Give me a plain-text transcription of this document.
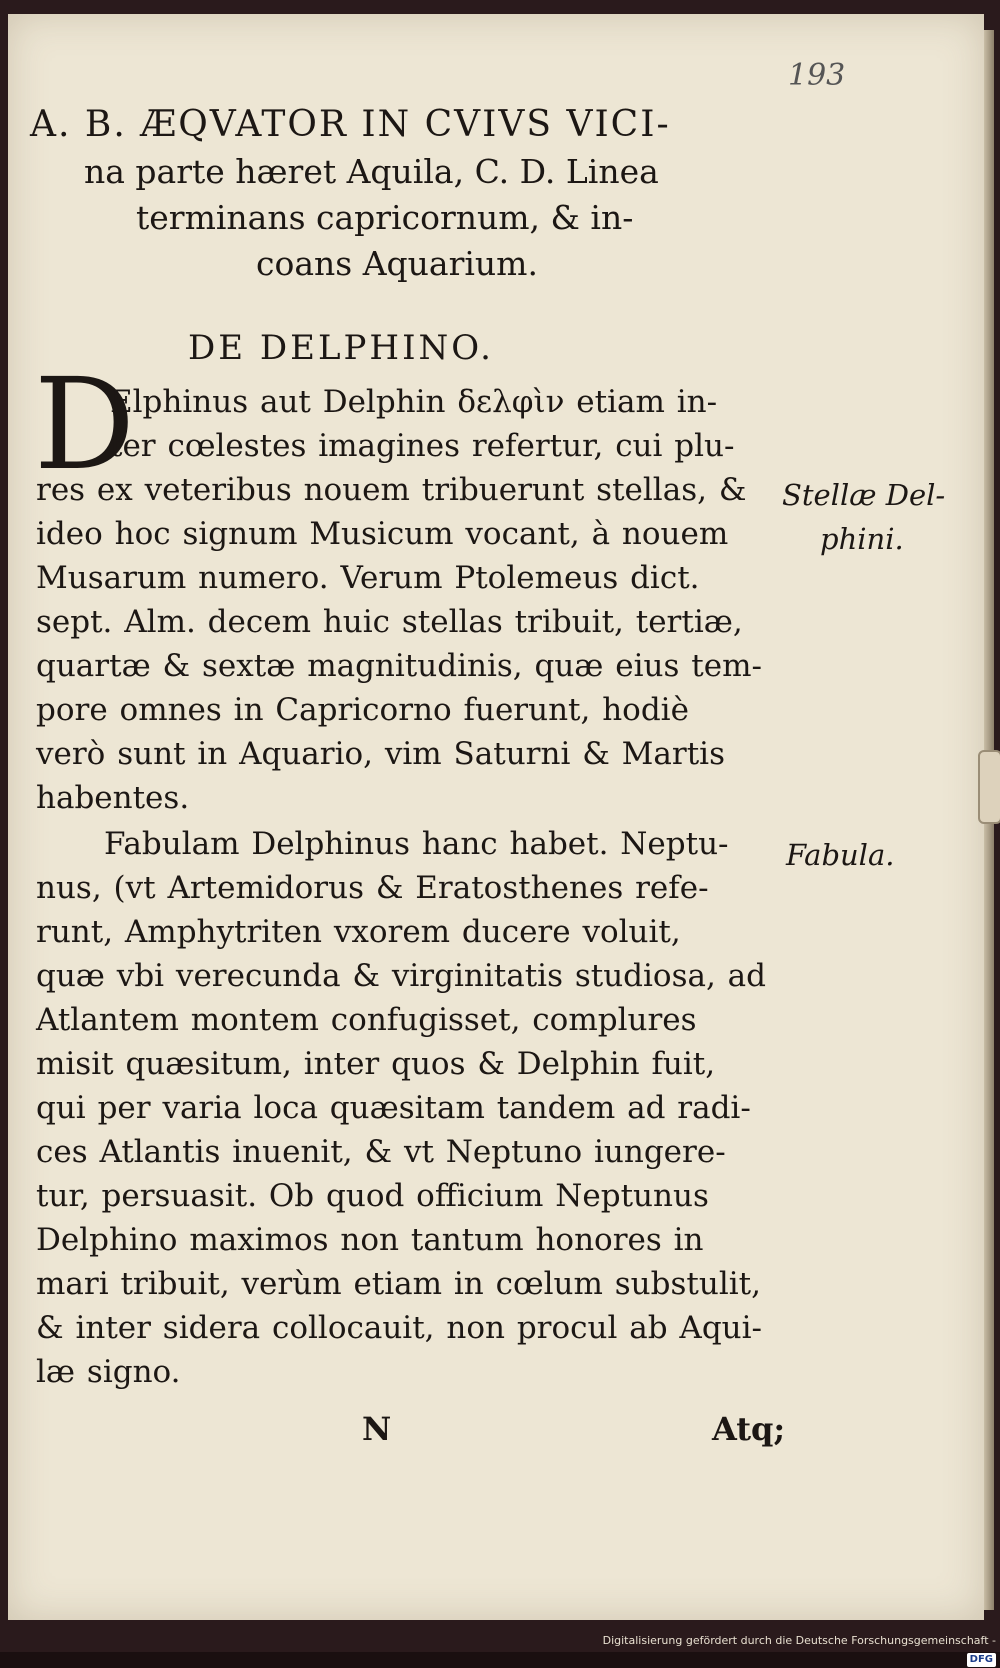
193
A. B. ÆQVATOR IN CVIVS VICI-
na parte hæret Aquila, C. D. Linea
terminans capricornum, & in-
coans Aquarium.
DE DELPHINO.
D
Elphinus aut Delphin δελφὶν etiam in-
ter cœlestes imagines refertur, cui plu-
res ex veteribus nouem tribuerunt stellas, &
ideo hoc signum Musicum vocant, à nouem
Musarum numero. Verum Ptolemeus dict.
sept. Alm. decem huic stellas tribuit, tertiæ,
quartæ & sextæ magnitudinis, quæ eius tem-
pore omnes in Capricorno fuerunt, hodiè
verò sunt in Aquario, vim Saturni & Martis
habentes.
Stellæ Del-
phini.
Fabulam Delphinus hanc habet. Neptu-
nus, (vt Artemidorus & Eratosthenes refe-
runt, Amphytriten vxorem ducere voluit,
quæ vbi verecunda & virginitatis studiosa, ad
Atlantem montem confugisset, complures
misit quæsitum, inter quos & Delphin fuit,
qui per varia loca quæsitam tandem ad radi-
ces Atlantis inuenit, & vt Neptuno iungere-
tur, persuasit. Ob quod officium Neptunus
Delphino maximos non tantum honores in
mari tribuit, verùm etiam in cœlum substulit,
& inter sidera collocauit, non procul ab Aqui-
læ signo.
Fabula.
N	Atq;
Digitalisierung gefördert durch die Deutsche Forschungsgemeinschaft -DFG
